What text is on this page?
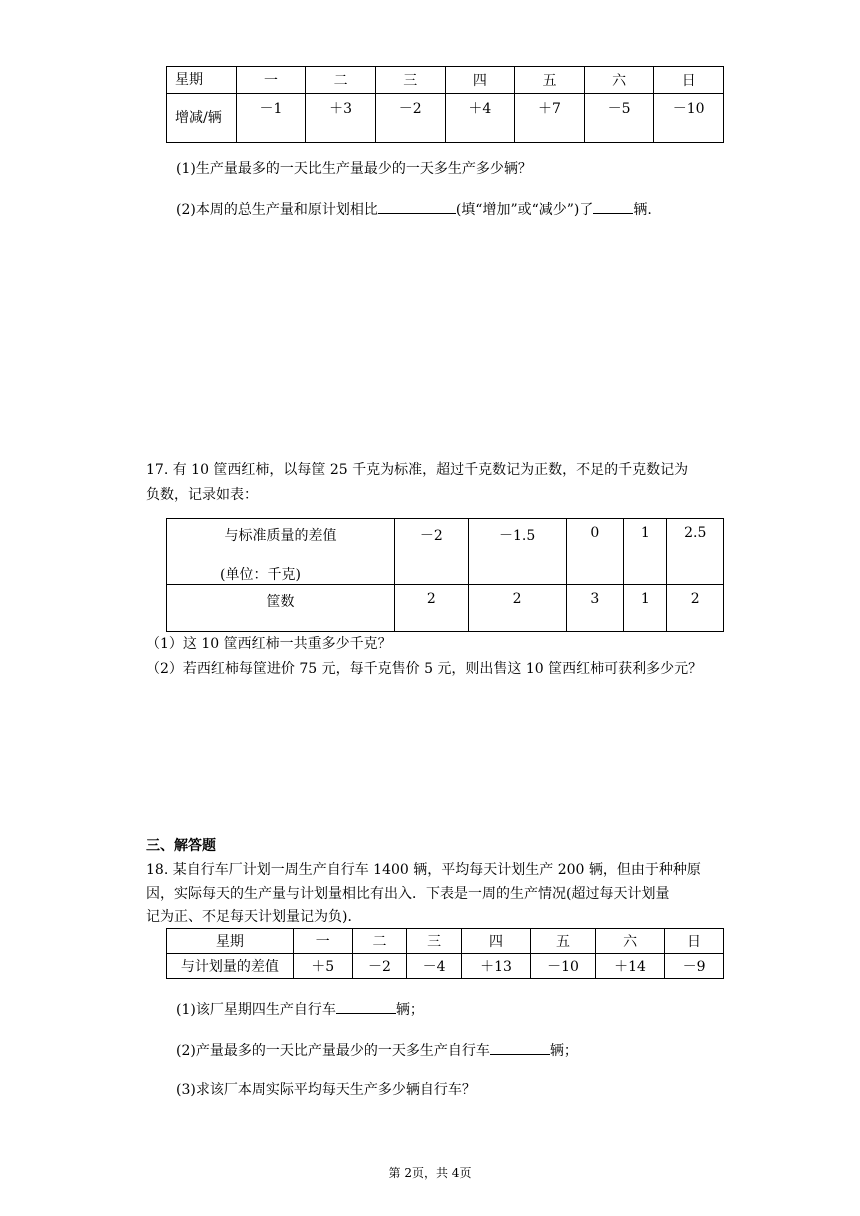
星期	一	二	三	四	五	六	日
增减/辆	－1	＋3	－2	＋4	＋7	－5	－10
(1)生产量最多的一天比生产量最少的一天多生产多少辆？
(2)本周的总生产量和原计划相比	(填“增加”或“减少”)了	辆.
17. 有 10 筐西红柿，以每筐 25 千克为标准，超过千克数记为正数，不足的千克数记为
负数，记录如表：
与标准质量的差值
(单位：千克)	－2	－1.5	0	1	2.5
筐数	2	2	3	1	2
（1）这 10 筐西红柿一共重多少千克？
（2）若西红柿每筐进价 75 元，每千克售价 5 元，则出售这 10 筐西红柿可获利多少元？
三、解答题
18. 某自行车厂计划一周生产自行车 1400 辆，平均每天计划生产 200 辆，但由于种种原
因，实际每天的生产量与计划量相比有出入．下表是一周的生产情况(超过每天计划量
记为正、不足每天计划量记为负)．
星期	一	二	三	四	五	六	日
与计划量的差值	＋5	－2	－4	＋13	－10	＋14	－9
(1)该厂星期四生产自行车	辆；
(2)产量最多的一天比产量最少的一天多生产自行车	辆；
(3)求该厂本周实际平均每天生产多少辆自行车？
第 2页，共 4页
